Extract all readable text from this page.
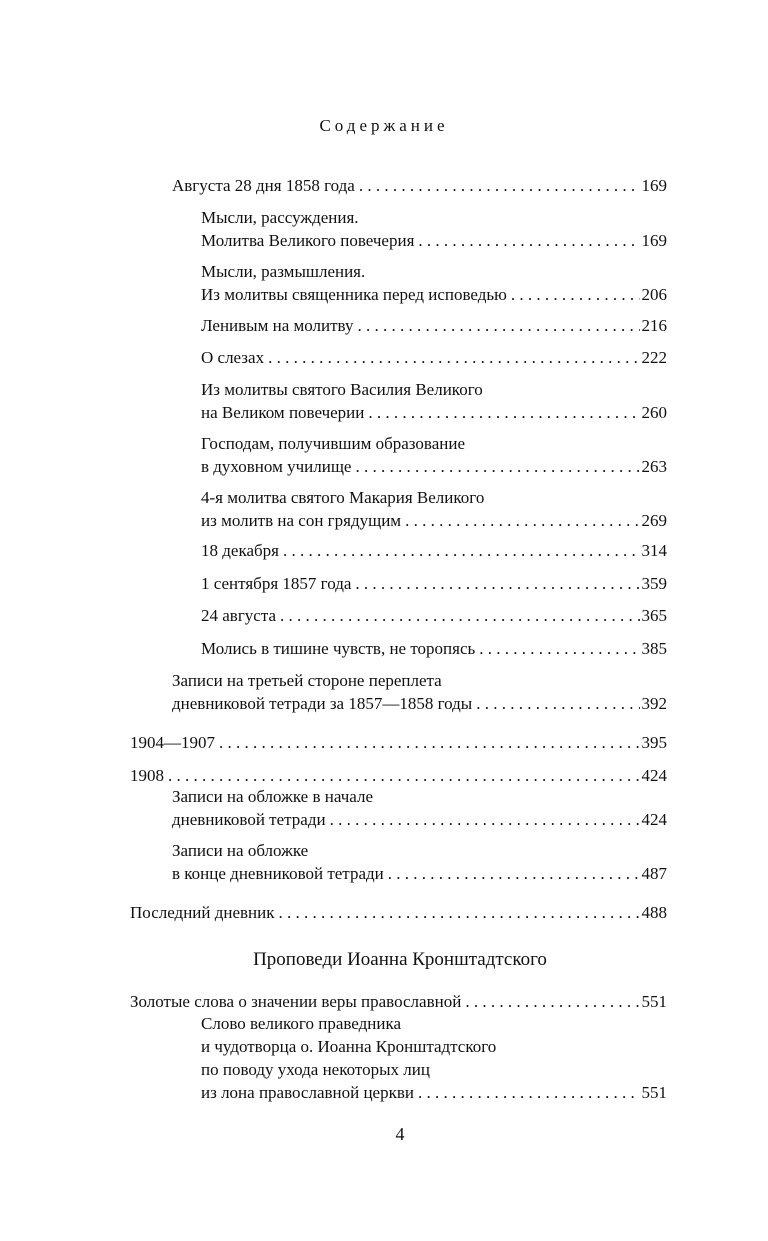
Содержание
Августа 28 дня 1858 года . . .	169
Мысли, рассуждения.
Молитва Великого повечерия . . .	169
Мысли, размышления.
Из молитвы священника перед исповедью . . .	206
Ленивым на молитву . . .	216
О слезах . . .	222
Из молитвы святого Василия Великого
на Великом повечерии . . .	260
Господам, получившим образование
в духовном училище . . .	263
4-я молитва святого Макария Великого
из молитв на сон грядущим . . .	269
18 декабря . . .	314
1 сентября 1857 года . . .	359
24 августа . . .	365
Молись в тишине чувств, не торопясь . . .	385
Записи на третьей стороне переплета
дневниковой тетради за 1857—1858 годы . . .	392
1904—1907 . . .	395
1908 . . .	424
Записи на обложке в начале
дневниковой тетради . . .	424
Записи на обложке
в конце дневниковой тетради . . .	487
Последний дневник . . .	488
Проповеди Иоанна Кронштадтского
Золотые слова о значении веры православной . . .	551
Слово великого праведника
и чудотворца о. Иоанна Кронштадтского
по поводу ухода некоторых лиц
из лона православной церкви . . .	551
4
